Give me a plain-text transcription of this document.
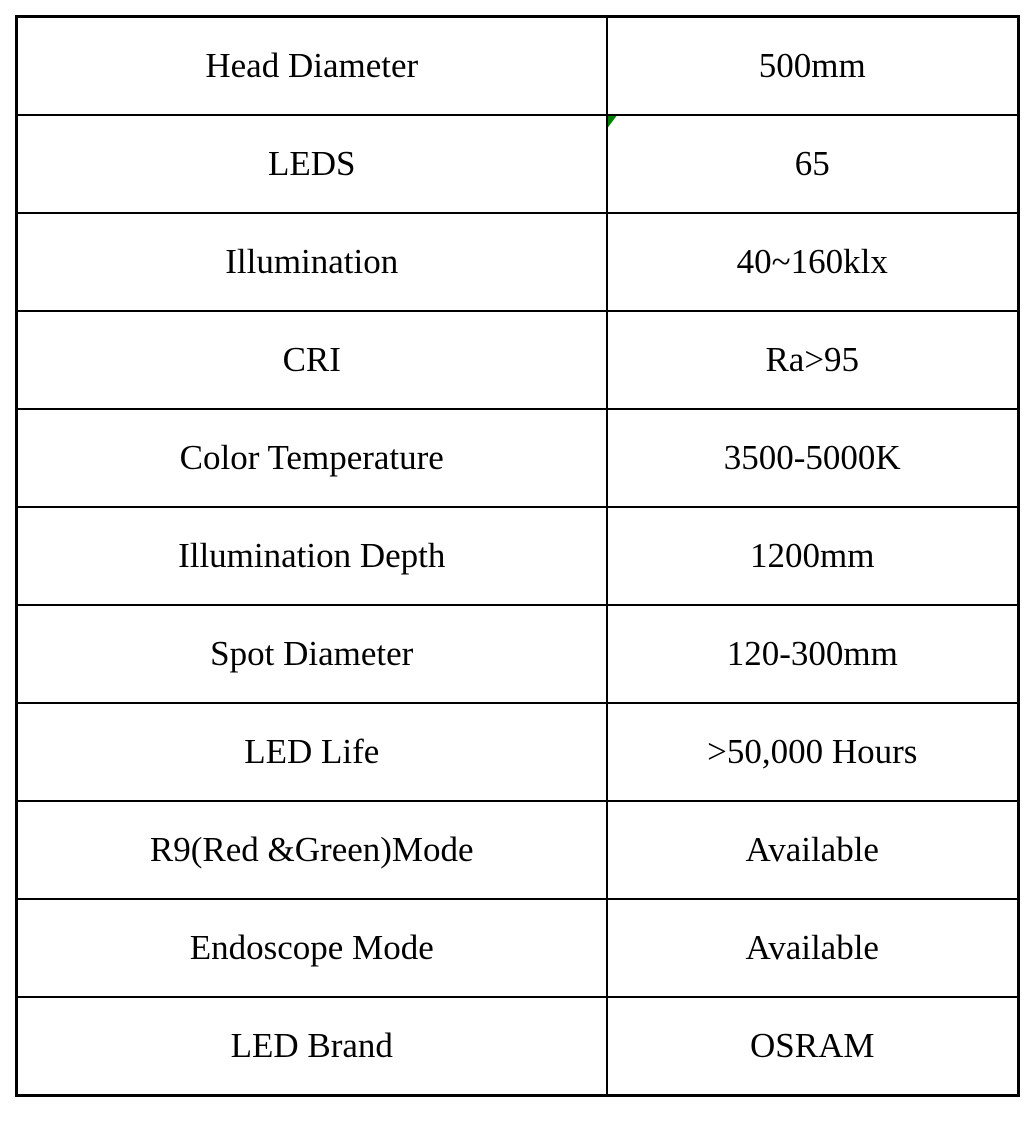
Head Diameter	500mm
LEDS	65

Illumination	40~160klx
CRI	Ra>95
Color Temperature	3500-5000K
Illumination Depth	1200mm
Spot Diameter	120-300mm
LED Life	>50,000 Hours
R9(Red &Green)Mode	Available
Endoscope Mode	Available
LED Brand	OSRAM
